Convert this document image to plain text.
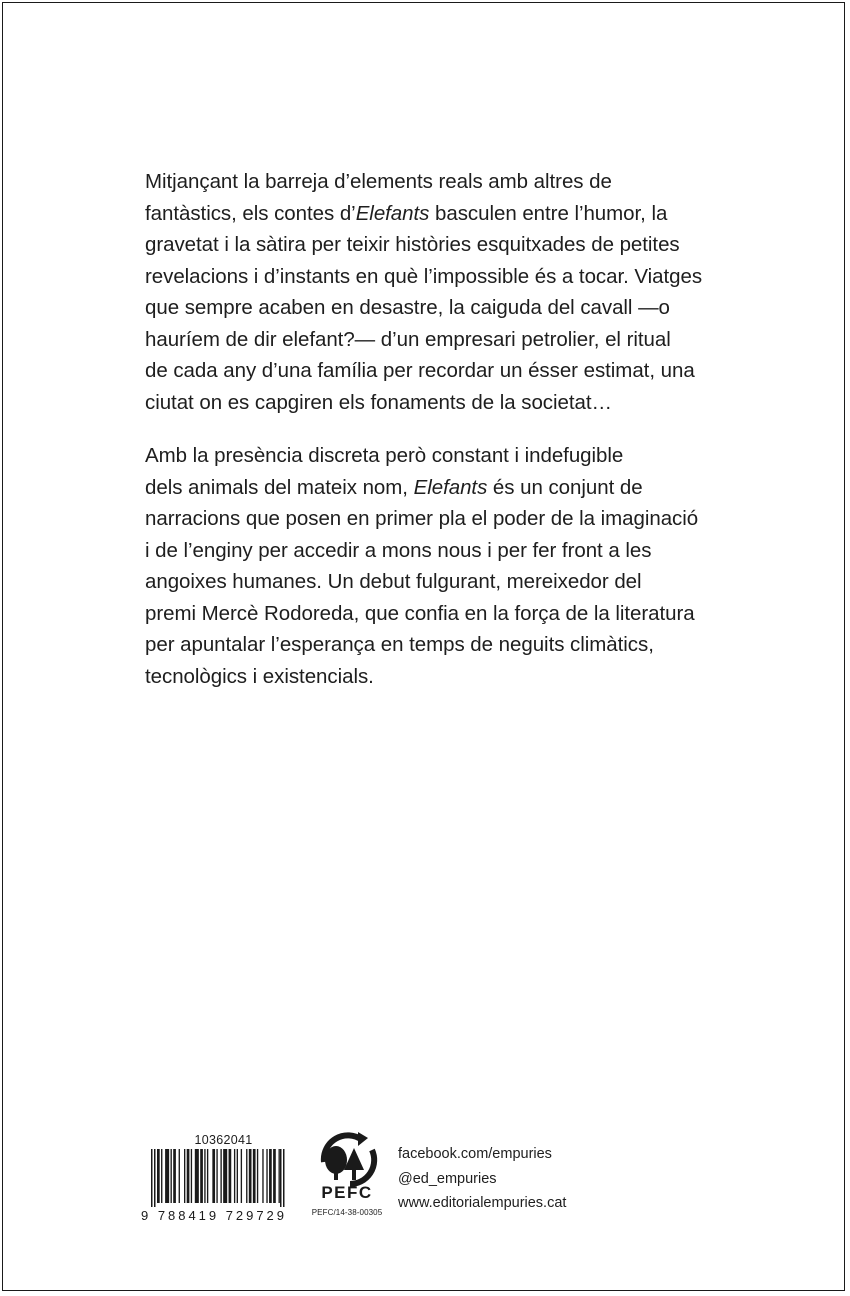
Mitjançant la barreja d’elements reals amb altres de
fantàstics, els contes d’Elefants basculen entre l’humor, la
gravetat i la sàtira per teixir històries esquitxades de petites
revelacions i d’instants en què l’impossible és a tocar. Viatges
que sempre acaben en desastre, la caiguda del cavall —o
hauríem de dir elefant?— d’un empresari petrolier, el ritual
de cada any d’una família per recordar un ésser estimat, una
ciutat on es capgiren els fonaments de la societat…

Amb la presència discreta però constant i indefugible
dels animals del mateix nom, Elefants és un conjunt de
narracions que posen en primer pla el poder de la imaginació
i de l’enginy per accedir a mons nous i per fer front a les
angoixes humanes. Un debut fulgurant, mereixedor del
premi Mercè Rodoreda, que confia en la força de la literatura
per apuntalar l’esperança en temps de neguits climàtics,
tecnològics i existencials.

10362041
9 788419 729729
PEFC
PEFC/14-38-00305
facebook.com/empuries
@ed_empuries
www.editorialempuries.cat
